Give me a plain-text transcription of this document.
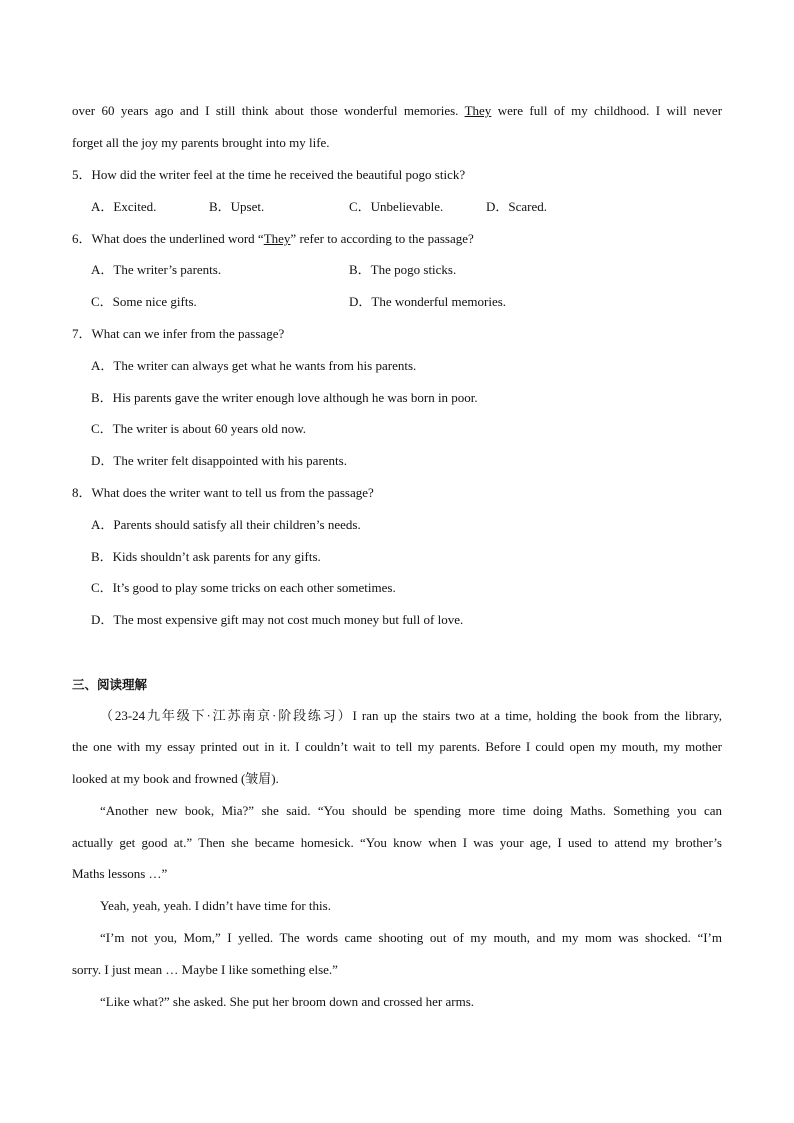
over 60 years ago and I still think about those wonderful memories. They were full of my childhood. I will never
forget all the joy my parents brought into my life.
5．How did the writer feel at the time he received the beautiful pogo stick?
A．Excited.	B．Upset.	C．Unbelievable.	D．Scared.
6．What does the underlined word “They” refer to according to the passage?
A．The writer’s parents.	B．The pogo sticks.
C．Some nice gifts.	D．The wonderful memories.
7．What can we infer from the passage?
A．The writer can always get what he wants from his parents.
B．His parents gave the writer enough love although he was born in poor.
C．The writer is about 60 years old now.
D．The writer felt disappointed with his parents.
8．What does the writer want to tell us from the passage?
A．Parents should satisfy all their children’s needs.
B．Kids shouldn’t ask parents for any gifts.
C．It’s good to play some tricks on each other sometimes.
D．The most expensive gift may not cost much money but full of love.
三、阅读理解
（23-24九年级下·江苏南京·阶段练习）I ran up the stairs two at a time, holding the book from the library,
the one with my essay printed out in it. I couldn’t wait to tell my parents. Before I could open my mouth, my mother
looked at my book and frowned (皱眉).
“Another new book, Mia?” she said. “You should be spending more time doing Maths. Something you can
actually get good at.” Then she became homesick. “You know when I was your age, I used to attend my brother’s
Maths lessons …”
Yeah, yeah, yeah. I didn’t have time for this.
“I’m not you, Mom,” I yelled. The words came shooting out of my mouth, and my mom was shocked. “I’m
sorry. I just mean … Maybe I like something else.”
“Like what?” she asked. She put her broom down and crossed her arms.
